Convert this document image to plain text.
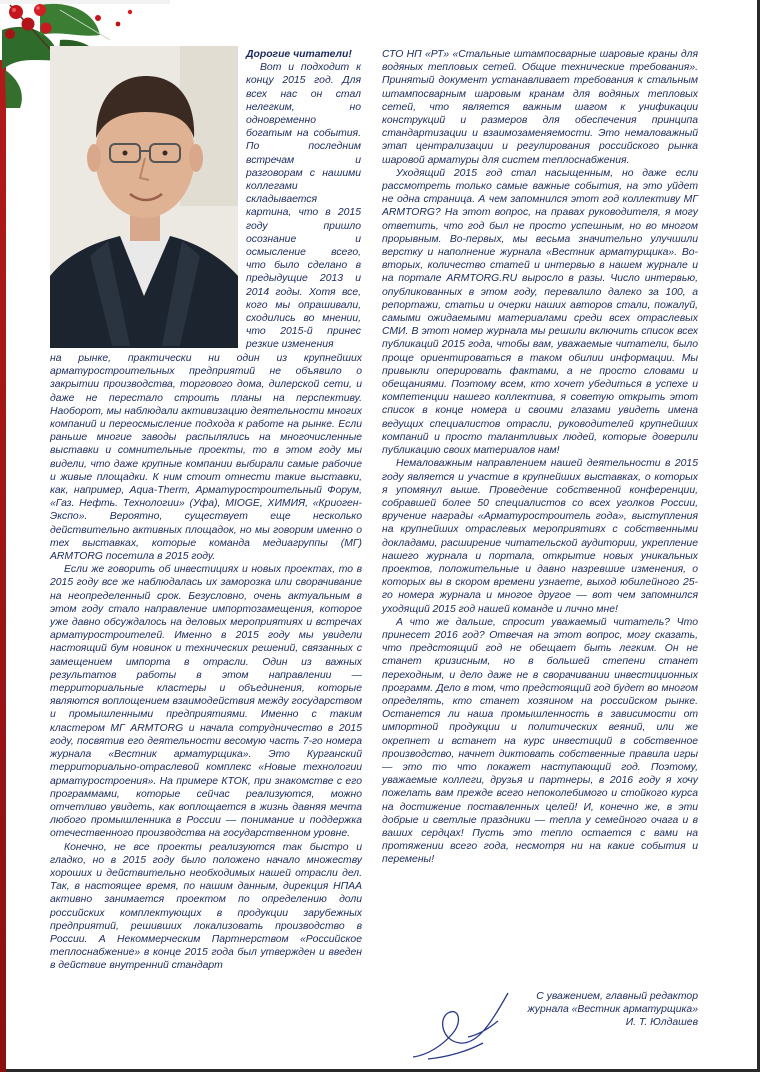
Дорогие читатели!

Вот и подходит к концу 2015 год. Для всех нас он стал нелегким, но одновременно богатым на события. По последним встречам и разговорам с нашими коллегами складывается картина, что в 2015 году пришло осознание и осмысление всего, что было сделано в предыдущие 2013 и 2014 годы. Хотя все, кого мы опрашивали, сходились во мнении, что 2015-й принес резкие изменения

на рынке, практически ни один из крупнейших арматуростроительных предприятий не объявило о закрытии производства, торгового дома, дилерской сети, и даже не перестало строить планы на перспективу. Наоборот, мы наблюдали активизацию деятельности многих компаний и переосмысление подхода к работе на рынке. Если раньше многие заводы распылялись на многочисленные выставки и сомнительные проекты, то в этом году мы видели, что даже крупные компании выбирали самые рабочие и живые площадки. К ним стоит отнести такие выставки, как, например, Aqua-Therm, Арматуростроительный Форум, «Газ. Нефть. Технологии» (Уфа), MIOGE, ХИМИЯ, «Криоген-Экспо». Вероятно, существует еще несколько действительно активных площадок, но мы говорим именно о тех выставках, которые команда медиагруппы (МГ) ARMTORG посетила в 2015 году.

Если же говорить об инвестициях и новых проектах, то в 2015 году все же наблюдалась их заморозка или сворачивание на неопределенный срок. Безусловно, очень актуальным в этом году стало направление импортозамещения, которое уже давно обсуждалось на деловых мероприятиях и встречах арматуростроителей. Именно в 2015 году мы увидели настоящий бум новинок и технических решений, связанных с замещением импорта в отрасли. Один из важных результатов работы в этом направлении — территориальные кластеры и объединения, которые являются воплощением взаимодействия между государством и промышленными предприятиями. Именно с таким кластером МГ ARMTORG и начала сотрудничество в 2015 году, посвятив его деятельности весомую часть 7-го номера журнала «Вестник арматурщика». Это Курганский территориально-отраслевой комплекс «Новые технологии арматуростроения». На примере КТОК, при знакомстве с его программами, которые сейчас реализуются, можно отчетливо увидеть, как воплощается в жизнь давняя мечта любого промышленника в России — понимание и поддержка отечественного производства на государственном уровне.

Конечно, не все проекты реализуются так быстро и гладко, но в 2015 году было положено начало множеству хороших и действительно необходимых нашей отрасли дел. Так, в настоящее время, по нашим данным, дирекция НПАА активно занимается проектом по определению доли российских комплектующих в продукции зарубежных предприятий, решивших локализовать производство в России. А Некоммерческим Партнерством «Российское теплоснабжение» в конце 2015 года был утвержден и введен в действие внутренний стандарт

СТО НП «РТ» «Стальные штампосварные шаровые краны для водяных тепловых сетей. Общие технические требования». Принятый документ устанавливает требования к стальным штампосварным шаровым кранам для водяных тепловых сетей, что является важным шагом к унификации конструкций и размеров для обеспечения принципа стандартизации и взаимозаменяемости. Это немаловажный этап централизации и регулирования российского рынка шаровой арматуры для систем теплоснабжения.

Уходящий 2015 год стал насыщенным, но даже если рассмотреть только самые важные события, на это уйдет не одна страница. А чем запомнился этот год коллективу МГ ARMTORG? На этот вопрос, на правах руководителя, я могу ответить, что год был не просто успешным, но во многом прорывным. Во-первых, мы весьма значительно улучшили верстку и наполнение журнала «Вестник арматурщика». Во-вторых, количество статей и интервью в нашем журнале и на портале ARMTORG.RU выросло в разы. Число интервью, опубликованных в этом году, перевалило далеко за 100, а репортажи, статьи и очерки наших авторов стали, пожалуй, самыми ожидаемыми материалами среди всех отраслевых СМИ. В этот номер журнала мы решили включить список всех публикаций 2015 года, чтобы вам, уважаемые читатели, было проще ориентироваться в таком обилии информации. Мы привыкли оперировать фактами, а не просто словами и обещаниями. Поэтому всем, кто хочет убедиться в успехе и компетенции нашего коллектива, я советую открыть этот список в конце номера и своими глазами увидеть имена ведущих специалистов отрасли, руководителей крупнейших компаний и просто талантливых людей, которые доверили публикацию своих материалов нам!

Немаловажным направлением нашей деятельности в 2015 году является и участие в крупнейших выставках, о которых я упомянул выше. Проведение собственной конференции, собравшей более 50 специалистов со всех уголков России, вручение награды «Арматуростроитель года», выступления на крупнейших отраслевых мероприятиях с собственными докладами, расширение читательской аудитории, укрепление нашего журнала и портала, открытие новых уникальных проектов, положительные и давно назревшие изменения, о которых вы в скором времени узнаете, выход юбилейного 25-го номера журнала и многое другое — вот чем запомнился уходящий 2015 год нашей команде и лично мне!

А что же дальше, спросит уважаемый читатель? Что принесет 2016 год? Отвечая на этот вопрос, могу сказать, что предстоящий год не обещает быть легким. Он не станет кризисным, но в большей степени станет переходным, и дело даже не в сворачивании инвестиционных программ. Дело в том, что предстоящий год будет во многом определять, кто станет хозяином на российском рынке. Останется ли наша промышленность в зависимости от импортной продукции и политических веяний, или же окрепнет и встанет на курс инвестиций в собственное производство, начнет диктовать собственные правила игры — это то что покажет наступающий год. Поэтому, уважаемые коллеги, друзья и партнеры, в 2016 году я хочу пожелать вам прежде всего непоколебимого и стойкого курса на достижение поставленных целей! И, конечно же, в эти добрые и светлые праздники — тепла у семейного очага и в ваших сердцах! Пусть это тепло остается с вами на протяжении всего года, несмотря ни на какие события и перемены!

С уважением, главный редактор
журнала «Вестник арматурщика»
И. Т. Юлдашев
